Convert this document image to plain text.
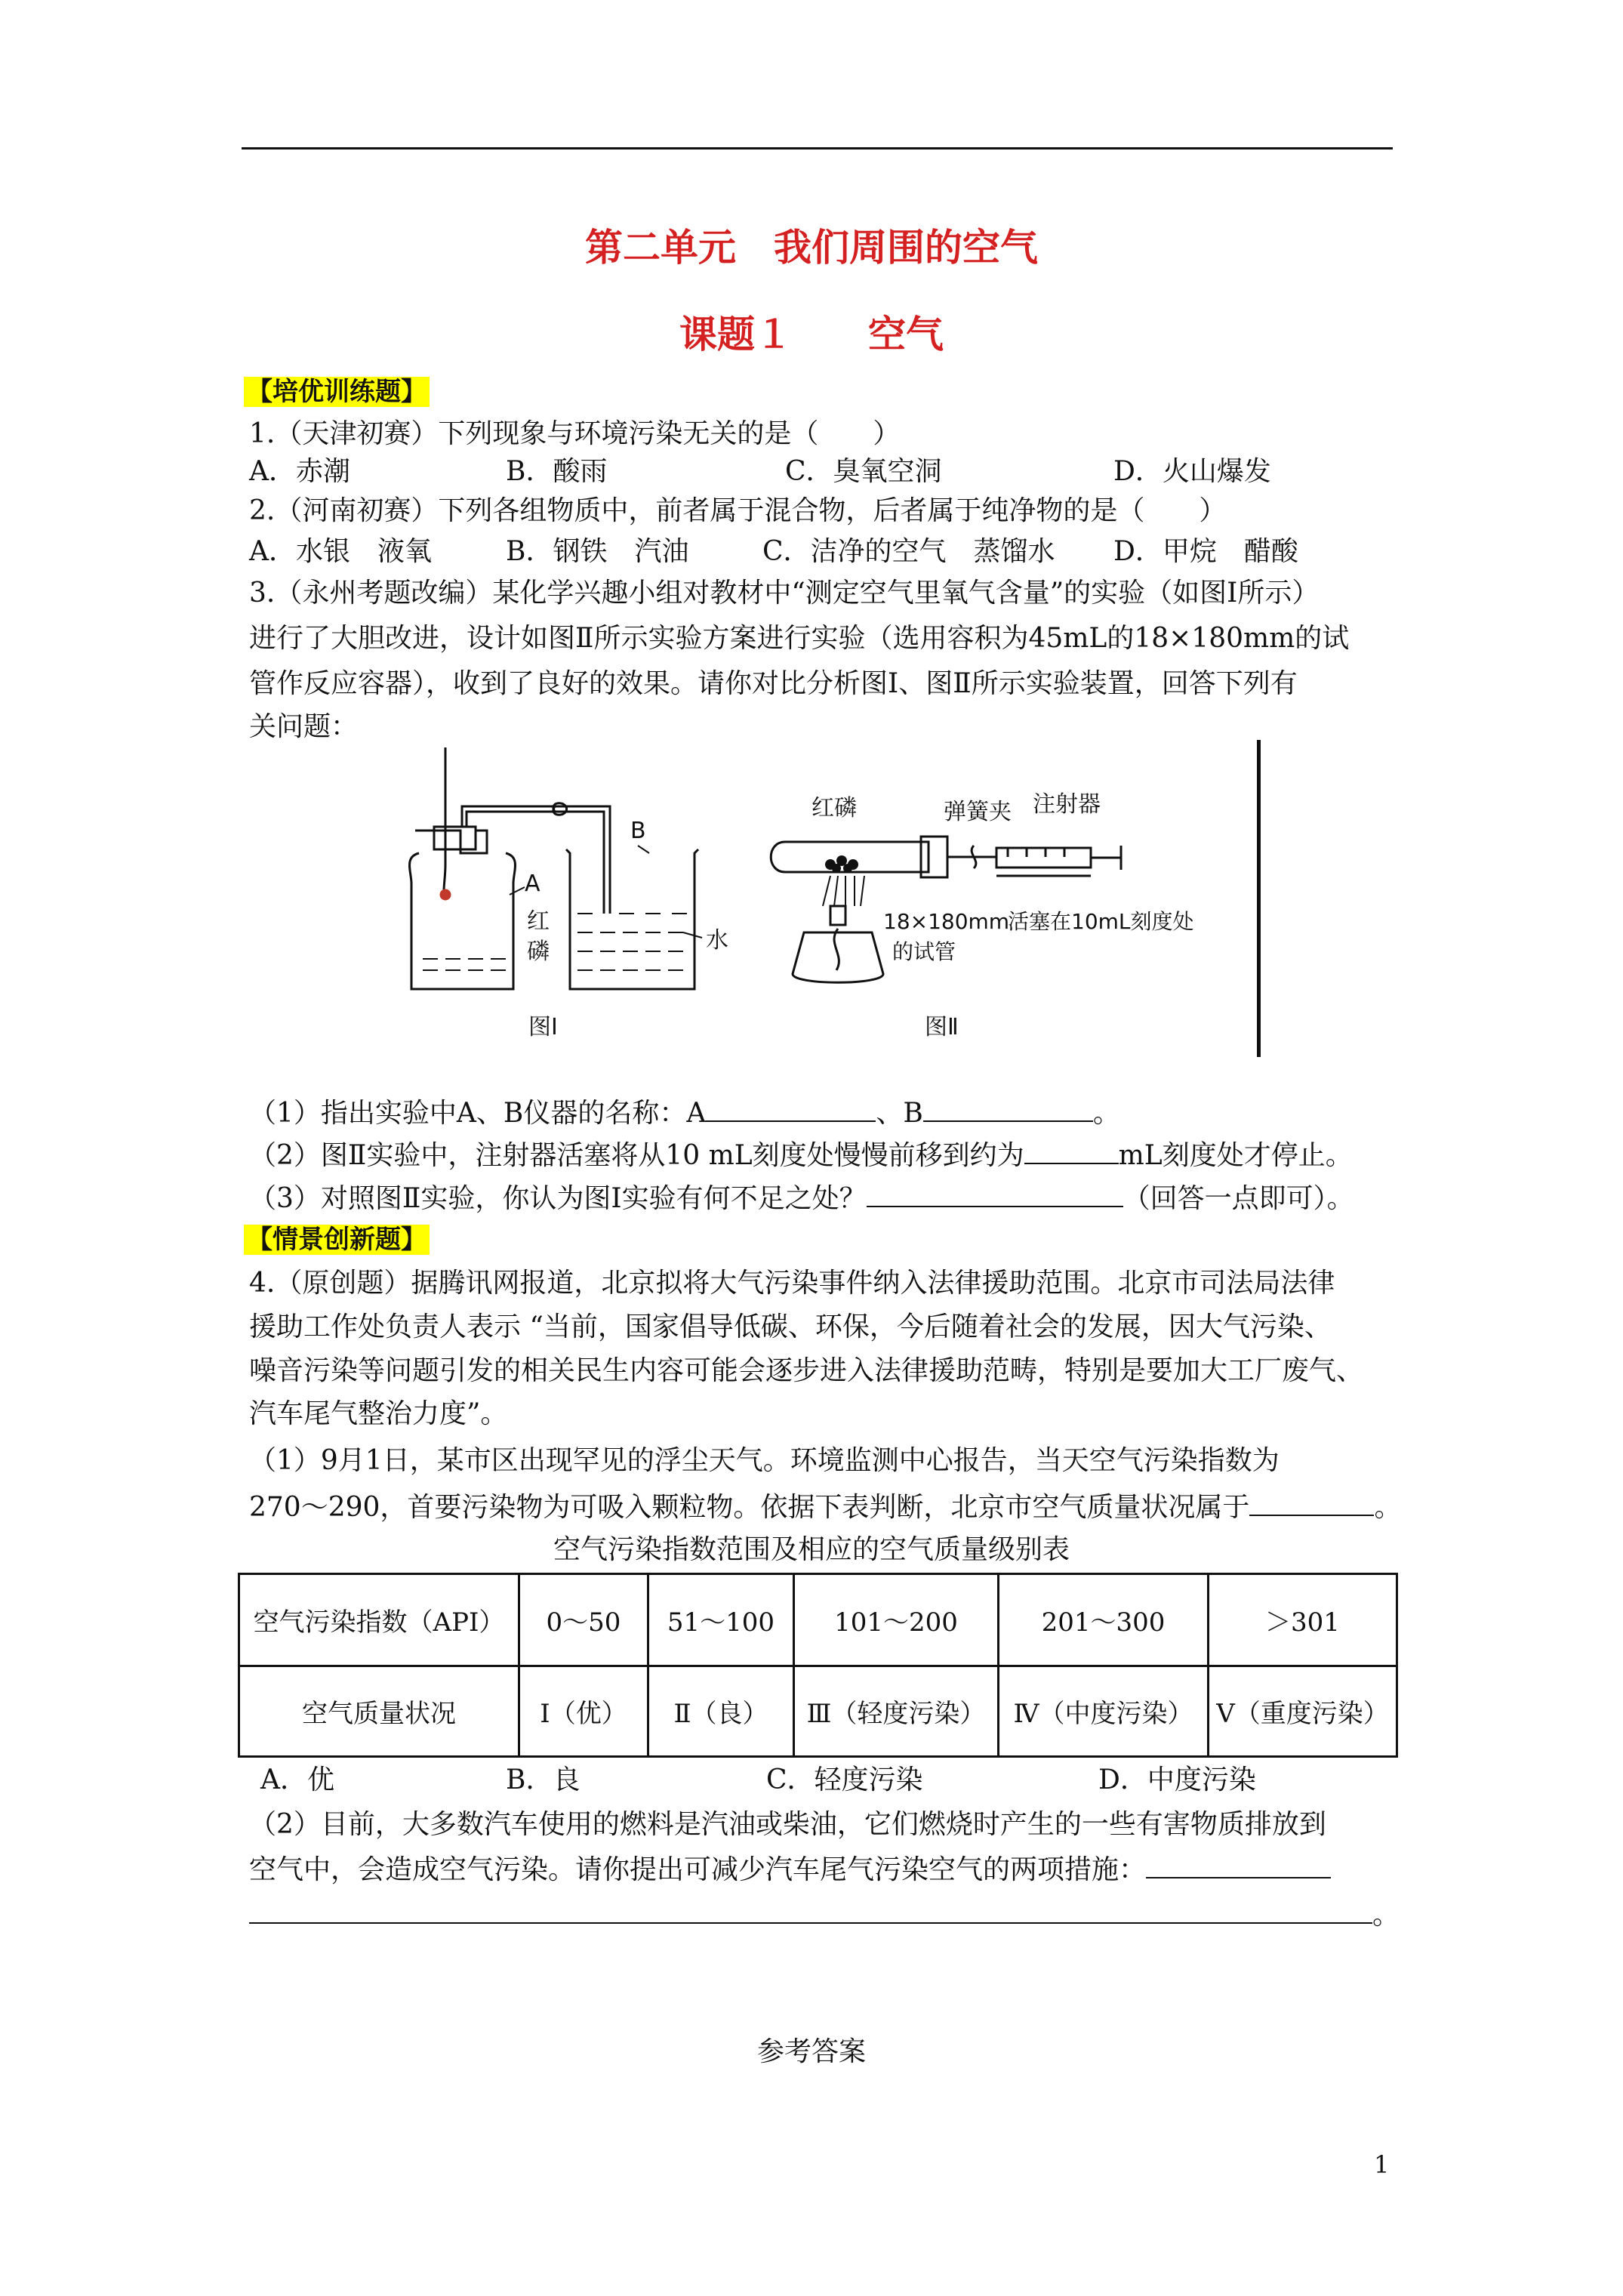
第二单元　我们周围的空气
课题１　　空气
【培优训练题】
1.（天津初赛）下列现象与环境污染无关的是（　　）
A．赤潮	B．酸雨	C．臭氧空洞	D．火山爆发
2.（河南初赛）下列各组物质中，前者属于混合物，后者属于纯净物的是（　　）
A．水银　液氧	B．钢铁　汽油	C．洁净的空气　蒸馏水 D．甲烷　醋酸
3.（永州考题改编）某化学兴趣小组对教材中“测定空气里氧气含量”的实验（如图Ⅰ所示）
进行了大胆改进，设计如图Ⅱ所示实验方案进行实验（选用容积为45mL的18×180mm的试
管作反应容器），收到了良好的效果。请你对比分析图Ⅰ、图Ⅱ所示实验装置，回答下列有
关问题：
A
B
红
磷	水
图Ⅰ
红磷	弹簧夹 注射器
18×180mm
的试管
活塞在10mL刻度处
图Ⅱ
（1）指出实验中A、B仪器的名称：A	、B	。
（2）图Ⅱ实验中，注射器活塞将从10 mL刻度处慢慢前移到约为	mL刻度处才停止。
（3）对照图Ⅱ实验，你认为图Ⅰ实验有何不足之处？	（回答一点即可）。
【情景创新题】
4.（原创题）据腾讯网报道，北京拟将大气污染事件纳入法律援助范围。北京市司法局法律
援助工作处负责人表示 “当前，国家倡导低碳、环保，今后随着社会的发展，因大气污染、
噪音污染等问题引发的相关民生内容可能会逐步进入法律援助范畴，特别是要加大工厂废气、
汽车尾气整治力度”。
（1）9月1日，某市区出现罕见的浮尘天气。环境监测中心报告，当天空气污染指数为
270～290，首要污染物为可吸入颗粒物。依据下表判断，北京市空气质量状况属于	。
空气污染指数范围及相应的空气质量级别表
空气污染指数（API）	0～50	51～100	101～200	201～300	＞301
空气质量状况	Ⅰ（优）	Ⅱ（良）	Ⅲ（轻度污染）	Ⅳ（中度污染）	Ⅴ（重度污染）
A．优	B．良	C．轻度污染	D．中度污染
（2）目前，大多数汽车使用的燃料是汽油或柴油，它们燃烧时产生的一些有害物质排放到
空气中，会造成空气污染。请你提出可减少汽车尾气污染空气的两项措施：
。
参考答案
1
